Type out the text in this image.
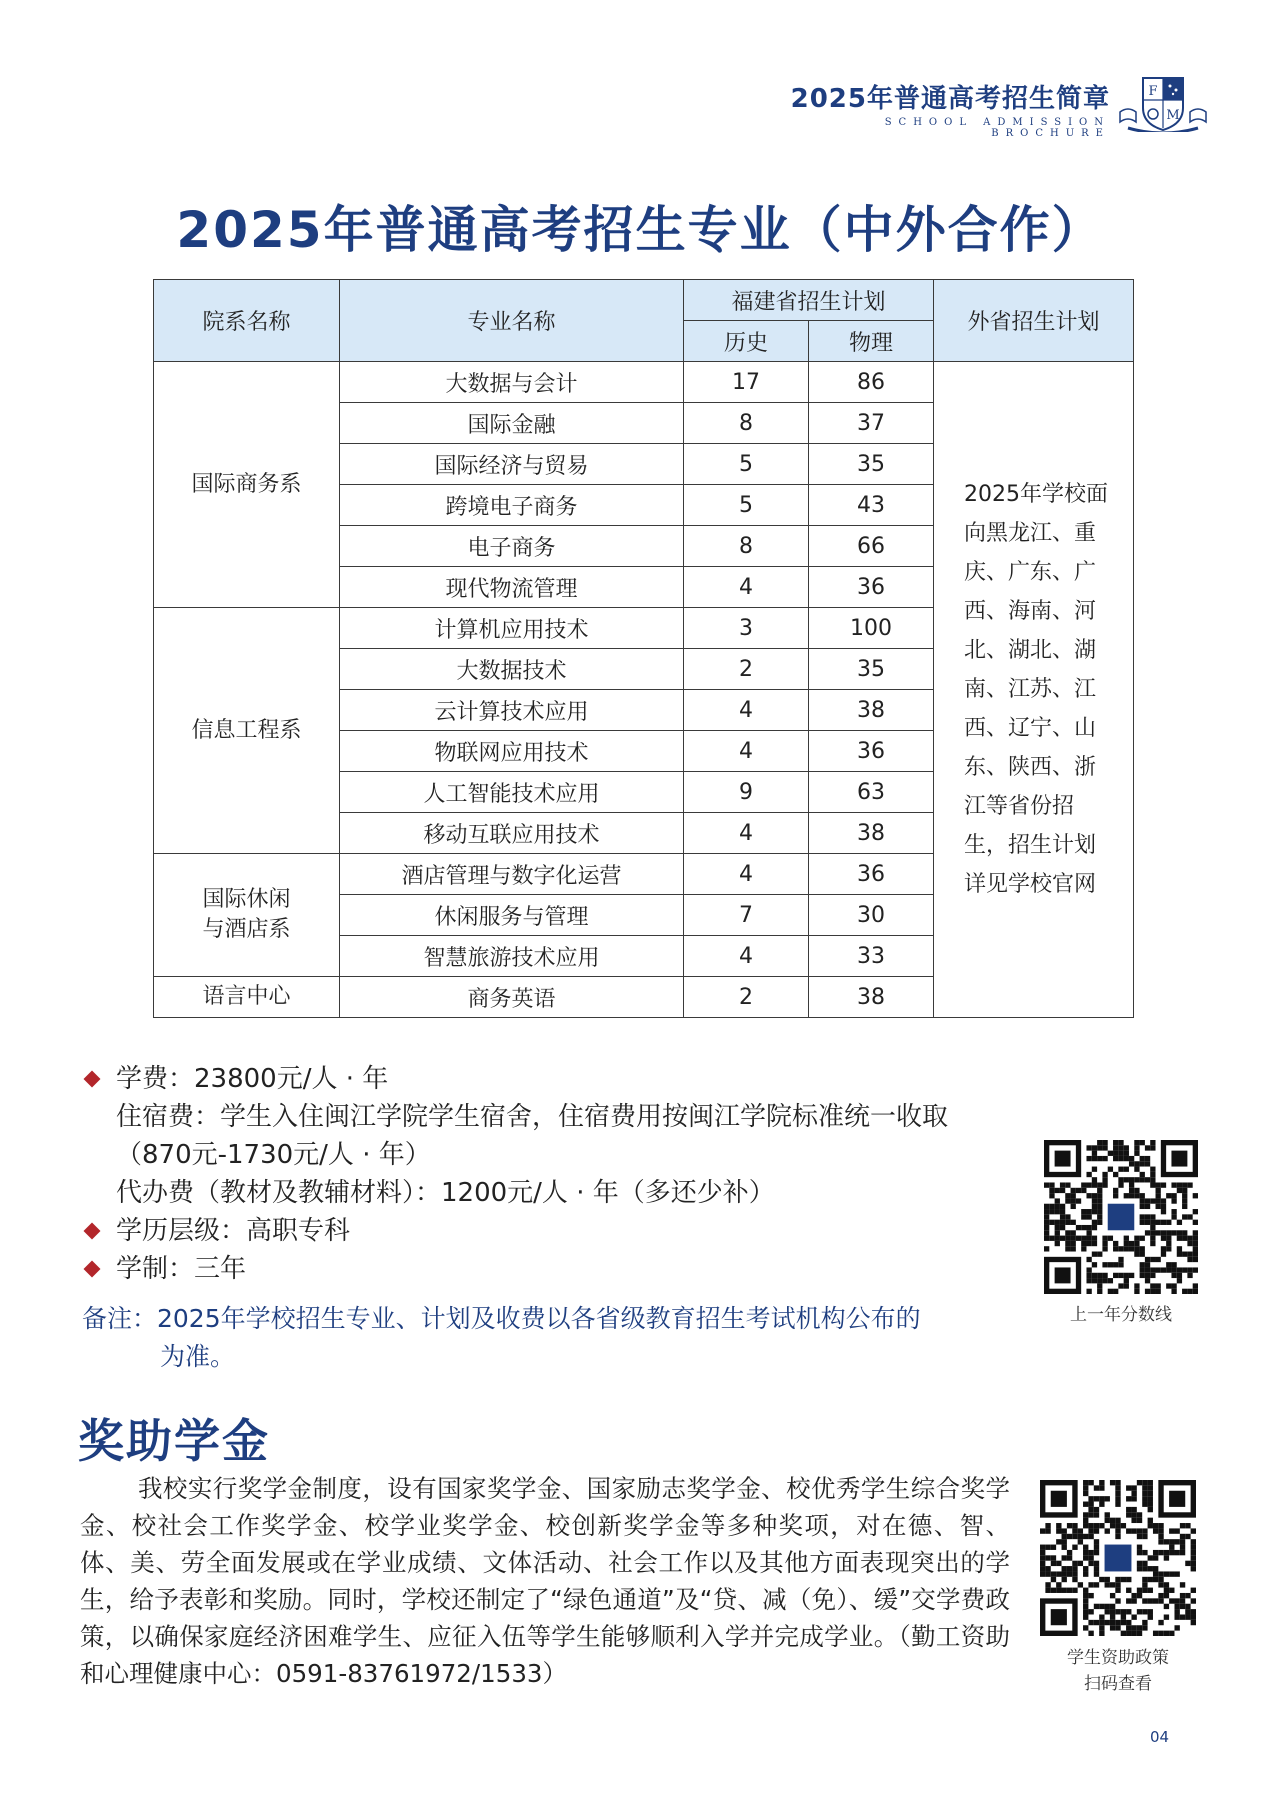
2025年普通高考招生简章
SCHOOL ADMISSION BROCHURE
F
M
2025年普通高考招生专业（中外合作）
院系名称	专业名称	福建省招生计划		外省招生计划
		历史	物理	
国际商务系	大数据与会计	17	86	2025年学校面向黑龙江、重庆、广东、广西、海南、河北、湖北、湖南、江苏、江西、辽宁、山东、陕西、浙江等省份招生，招生计划详见学校官网
	国际金融	8	37	
	国际经济与贸易	5	35	
	跨境电子商务	5	43	
	电子商务	8	66	
	现代物流管理	4	36	
信息工程系	计算机应用技术	3	100	
	大数据技术	2	35	
	云计算技术应用	4	38	
	物联网应用技术	4	36	
	人工智能技术应用	9	63	
	移动互联应用技术	4	38	
国际休闲
与酒店系	酒店管理与数字化运营	4	36	
	休闲服务与管理	7	30	
	智慧旅游技术应用	4	33	
语言中心	商务英语	2	38	
学费：23800元/人 · 年
住宿费：学生入住闽江学院学生宿舍，住宿费用按闽江学院标准统一收取
（870元-1730元/人 · 年）
代办费（教材及教辅材料）：1200元/人 · 年（多还少补）
学历层级：高职专科
学制：三年
备注：2025年学校招生专业、计划及收费以各省级教育招生考试机构公布的
为准。
上一年分数线
奖助学金
我校实行奖学金制度，设有国家奖学金、国家励志奖学金、校优秀学生综合奖学金、校社会工作奖学金、校学业奖学金、校创新奖学金等多种奖项，对在德、智、体、美、劳全面发展或在学业成绩、文体活动、社会工作以及其他方面表现突出的学生，给予表彰和奖励。同时，学校还制定了“绿色通道”及“贷、减（免）、缓”交学费政策，以确保家庭经济困难学生、应征入伍等学生能够顺利入学并完成学业。（勤工资助和心理健康中心：0591-83761972/1533）
学生资助政策
扫码查看
04
